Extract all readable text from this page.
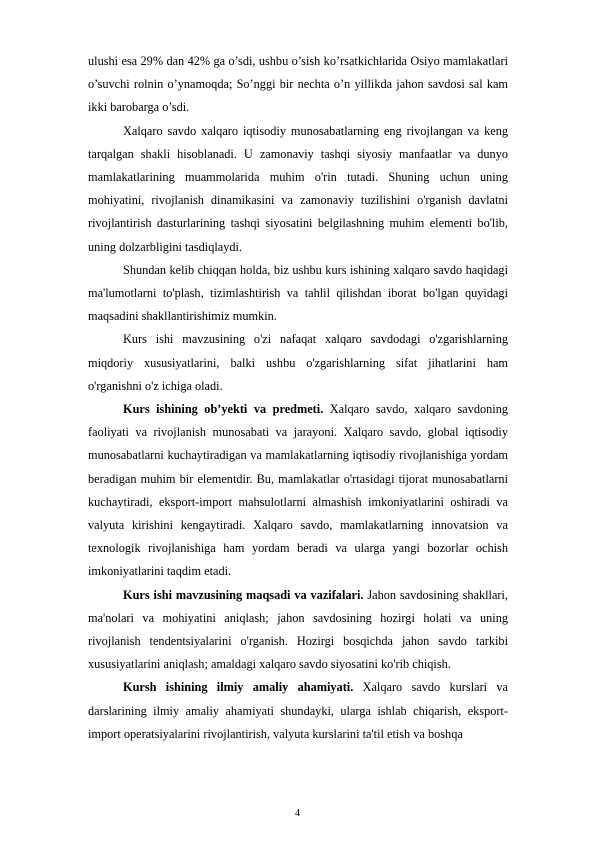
ulushi esa 29% dan 42% ga o’sdi, ushbu o’sish ko’rsatkichlarida Osiyo mamlakatlari o’suvchi rolnin o’ynamoqda; So’nggi bir nechta o’n yillikda jahon savdosi sal kam ikki barobarga o’sdi.

Xalqaro savdo xalqaro iqtisodiy munosabatlarning eng rivojlangan va keng tarqalgan shakli hisoblanadi. U zamonaviy tashqi siyosiy manfaatlar va dunyo mamlakatlarining muammolarida muhim o'rin tutadi. Shuning uchun uning mohiyatini, rivojlanish dinamikasini va zamonaviy tuzilishini o'rganish davlatni rivojlantirish dasturlarining tashqi siyosatini belgilashning muhim elementi bo'lib, uning dolzarbligini tasdiqlaydi.

Shundan kelib chiqqan holda, biz ushbu kurs ishining xalqaro savdo haqidagi ma'lumotlarni to'plash, tizimlashtirish va tahlil qilishdan iborat bo'lgan quyidagi maqsadini shakllantirishimiz mumkin.

Kurs ishi mavzusining o'zi nafaqat xalqaro savdodagi o'zgarishlarning miqdoriy xususiyatlarini, balki ushbu o'zgarishlarning sifat jihatlarini ham o'rganishni o'z ichiga oladi.

Kurs ishining ob’yekti va predmeti. Xalqaro savdo, xalqaro savdoning faoliyati va rivojlanish munosabati va jarayoni. Xalqaro savdo, global iqtisodiy munosabatlarni kuchaytiradigan va mamlakatlarning iqtisodiy rivojlanishiga yordam beradigan muhim bir elementdir. Bu, mamlakatlar o'rtasidagi tijorat munosabatlarni kuchaytiradi, eksport-import mahsulotlarni almashish imkoniyatlarini oshiradi va valyuta kirishini kengaytiradi. Xalqaro savdo, mamlakatlarning innovatsion va texnologik rivojlanishiga ham yordam beradi va ularga yangi bozorlar ochish imkoniyatlarini taqdim etadi.

Kurs ishi mavzusining maqsadi va vazifalari. Jahon savdosining shakllari, ma'nolari va mohiyatini aniqlash; jahon savdosining hozirgi holati va uning rivojlanish tendentsiyalarini o'rganish. Hozirgi bosqichda jahon savdo tarkibi xususiyatlarini aniqlash; amaldagi xalqaro savdo siyosatini ko'rib chiqish.

Kursh ishining ilmiy amaliy ahamiyati. Xalqaro savdo kurslari va darslarining ilmiy amaliy ahamiyati shundayki, ularga ishlab chiqarish, eksport-import operatsiyalarini rivojlantirish, valyuta kurslarini ta'til etish va boshqa

4
